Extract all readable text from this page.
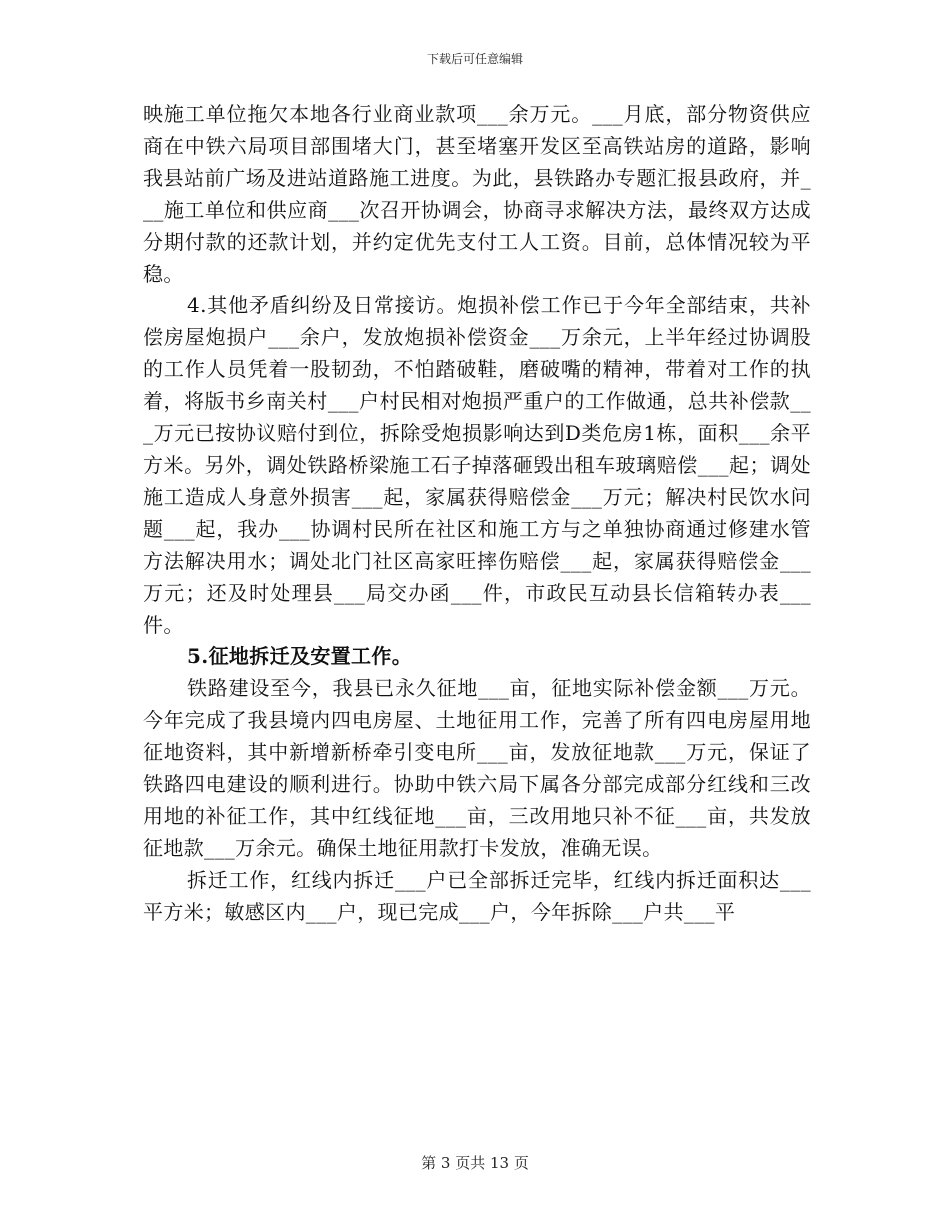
下载后可任意编辑

映施工单位拖欠本地各行业商业款项___余万元。___月底，部分物资供应商在中铁六局项目部围堵大门，甚至堵塞开发区至高铁站房的道路，影响我县站前广场及进站道路施工进度。为此，县铁路办专题汇报县政府，并___施工单位和供应商___次召开协调会，协商寻求解决方法，最终双方达成分期付款的还款计划，并约定优先支付工人工资。目前，总体情况较为平稳。

4.其他矛盾纠纷及日常接访。炮损补偿工作已于今年全部结束，共补偿房屋炮损户___余户，发放炮损补偿资金___万余元，上半年经过协调股的工作人员凭着一股韧劲，不怕踏破鞋，磨破嘴的精神，带着对工作的执着，将版书乡南关村___户村民相对炮损严重户的工作做通，总共补偿款___万元已按协议赔付到位，拆除受炮损影响达到D类危房1栋，面积___余平方米。另外，调处铁路桥梁施工石子掉落砸毁出租车玻璃赔偿___起；调处施工造成人身意外损害___起，家属获得赔偿金___万元；解决村民饮水问题___起，我办___协调村民所在社区和施工方与之单独协商通过修建水管方法解决用水；调处北门社区高家旺摔伤赔偿___起，家属获得赔偿金___万元；还及时处理县___局交办函___件，市政民互动县长信箱转办表___件。

5.征地拆迁及安置工作。

铁路建设至今，我县已永久征地___亩，征地实际补偿金额___万元。今年完成了我县境内四电房屋、土地征用工作，完善了所有四电房屋用地征地资料，其中新增新桥牵引变电所___亩，发放征地款___万元，保证了铁路四电建设的顺利进行。协助中铁六局下属各分部完成部分红线和三改用地的补征工作，其中红线征地___亩，三改用地只补不征___亩，共发放征地款___万余元。确保土地征用款打卡发放，准确无误。

拆迁工作，红线内拆迁___户已全部拆迁完毕，红线内拆迁面积达___平方米；敏感区内___户，现已完成___户，今年拆除___户共___平

第 3 页共 13 页
